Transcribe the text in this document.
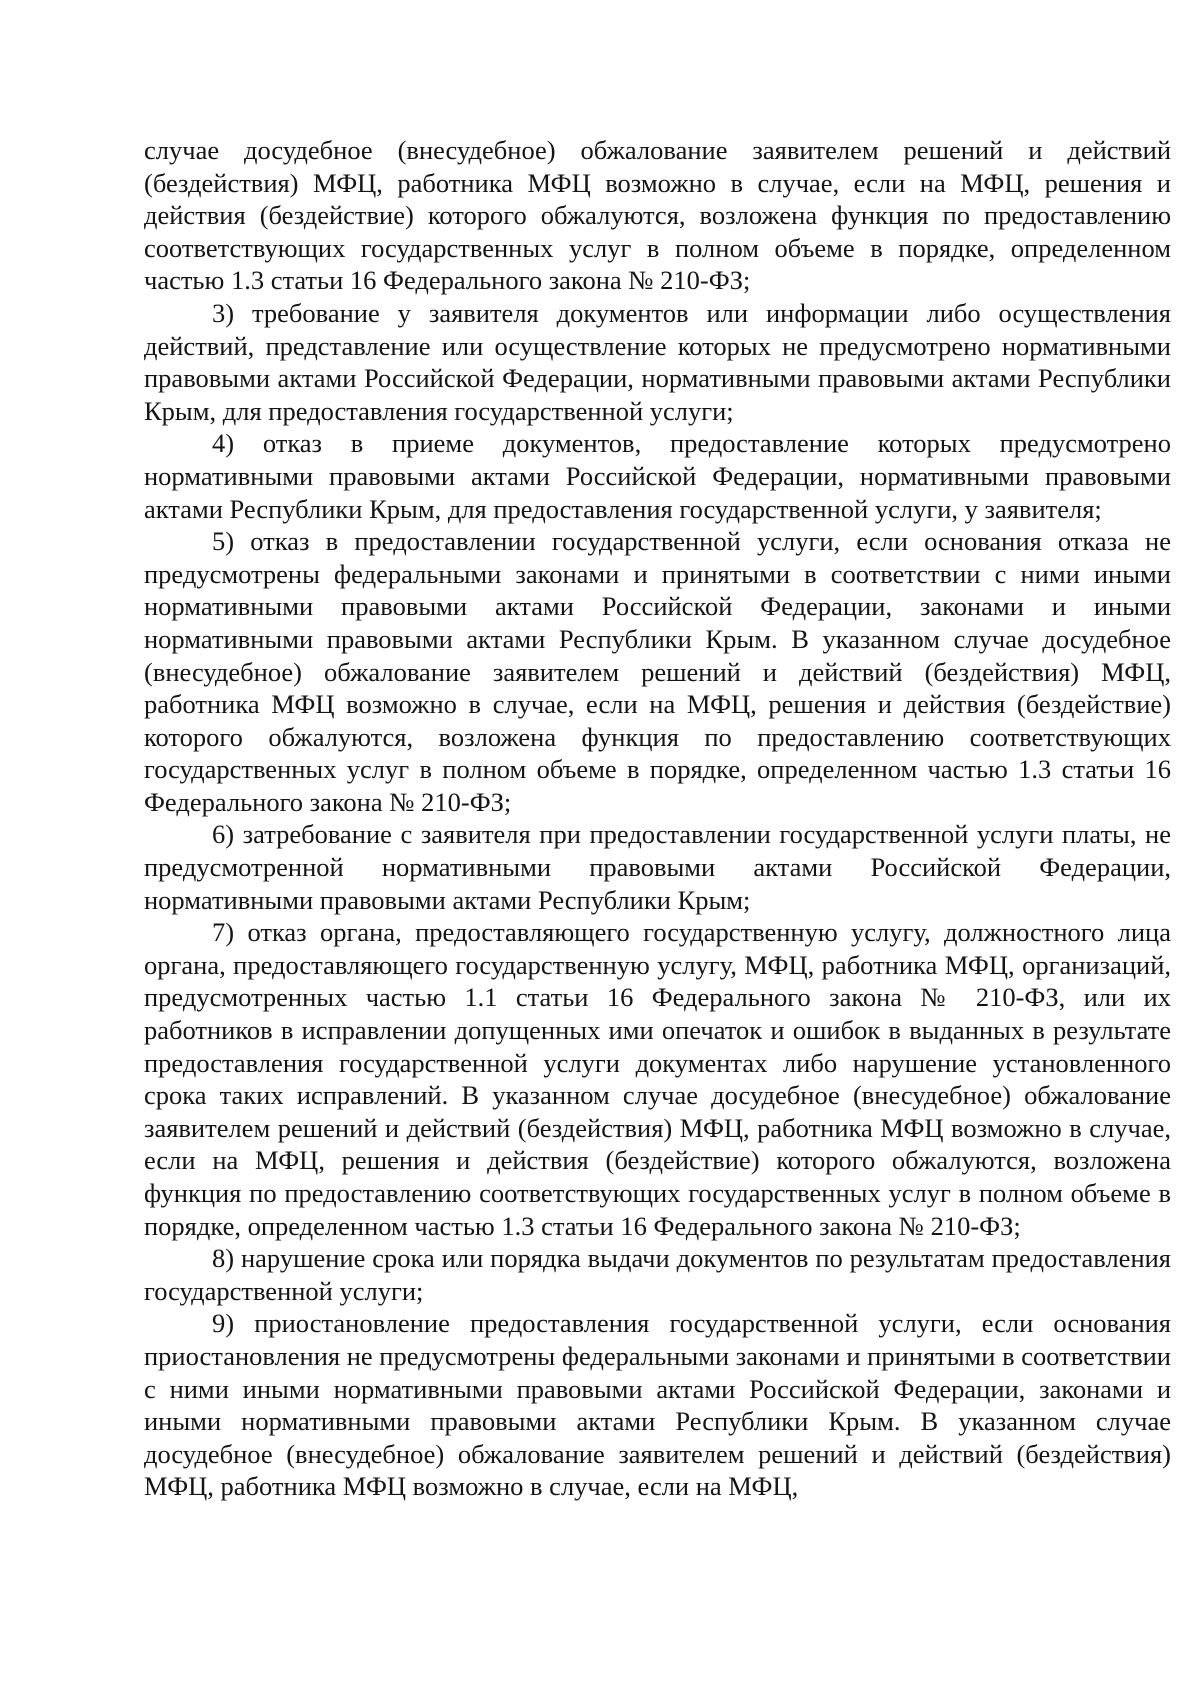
случае досудебное (внесудебное) обжалование заявителем решений и действий (бездействия) МФЦ, работника МФЦ возможно в случае, если на МФЦ, решения и действия (бездействие) которого обжалуются, возложена функция по предоставлению соответствующих государственных услуг в полном объеме в порядке, определенном частью 1.3 статьи 16 Федерального закона № 210-ФЗ;

3) требование у заявителя документов или информации либо осуществления действий, представление или осуществление которых не предусмотрено нормативными правовыми актами Российской Федерации, нормативными правовыми актами Республики Крым, для предоставления государственной услуги;

4) отказ в приеме документов, предоставление которых предусмотрено нормативными правовыми актами Российской Федерации, нормативными правовыми актами Республики Крым, для предоставления государственной услуги, у заявителя;

5) отказ в предоставлении государственной услуги, если основания отказа не предусмотрены федеральными законами и принятыми в соответствии с ними иными нормативными правовыми актами Российской Федерации, законами и иными нормативными правовыми актами Республики Крым. В указанном случае досудебное (внесудебное) обжалование заявителем решений и действий (бездействия) МФЦ, работника МФЦ возможно в случае, если на МФЦ, решения и действия (бездействие) которого обжалуются, возложена функция по предоставлению соответствующих государственных услуг в полном объеме в порядке, определенном частью 1.3 статьи 16 Федерального закона № 210-ФЗ;

6) затребование с заявителя при предоставлении государственной услуги платы, не предусмотренной нормативными правовыми актами Российской Федерации, нормативными правовыми актами Республики Крым;

7) отказ органа, предоставляющего государственную услугу, должностного лица органа, предоставляющего государственную услугу, МФЦ, работника МФЦ, организаций, предусмотренных частью 1.1 статьи 16 Федерального закона № 210-ФЗ, или их работников в исправлении допущенных ими опечаток и ошибок в выданных в результате предоставления государственной услуги документах либо нарушение установленного срока таких исправлений. В указанном случае досудебное (внесудебное) обжалование заявителем решений и действий (бездействия) МФЦ, работника МФЦ возможно в случае, если на МФЦ, решения и действия (бездействие) которого обжалуются, возложена функция по предоставлению соответствующих государственных услуг в полном объеме в порядке, определенном частью 1.3 статьи 16 Федерального закона № 210-ФЗ;

8) нарушение срока или порядка выдачи документов по результатам предоставления государственной услуги;

9) приостановление предоставления государственной услуги, если основания приостановления не предусмотрены федеральными законами и принятыми в соответствии с ними иными нормативными правовыми актами Российской Федерации, законами и иными нормативными правовыми актами Республики Крым. В указанном случае досудебное (внесудебное) обжалование заявителем решений и действий (бездействия) МФЦ, работника МФЦ возможно в случае, если на МФЦ,
